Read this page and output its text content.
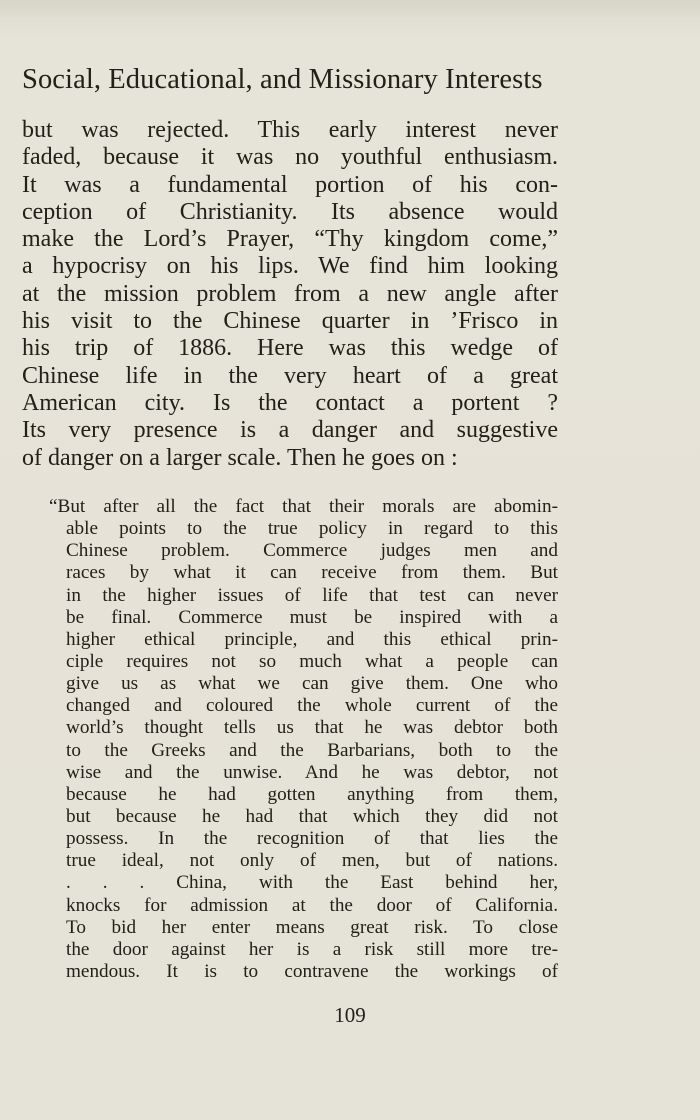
Social, Educational, and Missionary Interests
but was rejected. This early interest never
faded, because it was no youthful enthusiasm.
It was a fundamental portion of his con-
ception of Christianity. Its absence would
make the Lord’s Prayer, “Thy kingdom come,”
a hypocrisy on his lips. We find him looking
at the mission problem from a new angle after
his visit to the Chinese quarter in ’Frisco in
his trip of 1886. Here was this wedge of
Chinese life in the very heart of a great
American city. Is the contact a portent ?
Its very presence is a danger and suggestive
of danger on a larger scale. Then he goes on :
“But after all the fact that their morals are abomin-
able points to the true policy in regard to this
Chinese problem. Commerce judges men and
races by what it can receive from them. But
in the higher issues of life that test can never
be final. Commerce must be inspired with a
higher ethical principle, and this ethical prin-
ciple requires not so much what a people can
give us as what we can give them. One who
changed and coloured the whole current of the
world’s thought tells us that he was debtor both
to the Greeks and the Barbarians, both to the
wise and the unwise. And he was debtor, not
because he had gotten anything from them,
but because he had that which they did not
possess. In the recognition of that lies the
true ideal, not only of men, but of nations.
. . . China, with the East behind her,
knocks for admission at the door of California.
To bid her enter means great risk. To close
the door against her is a risk still more tre-
mendous. It is to contravene the workings of
109
